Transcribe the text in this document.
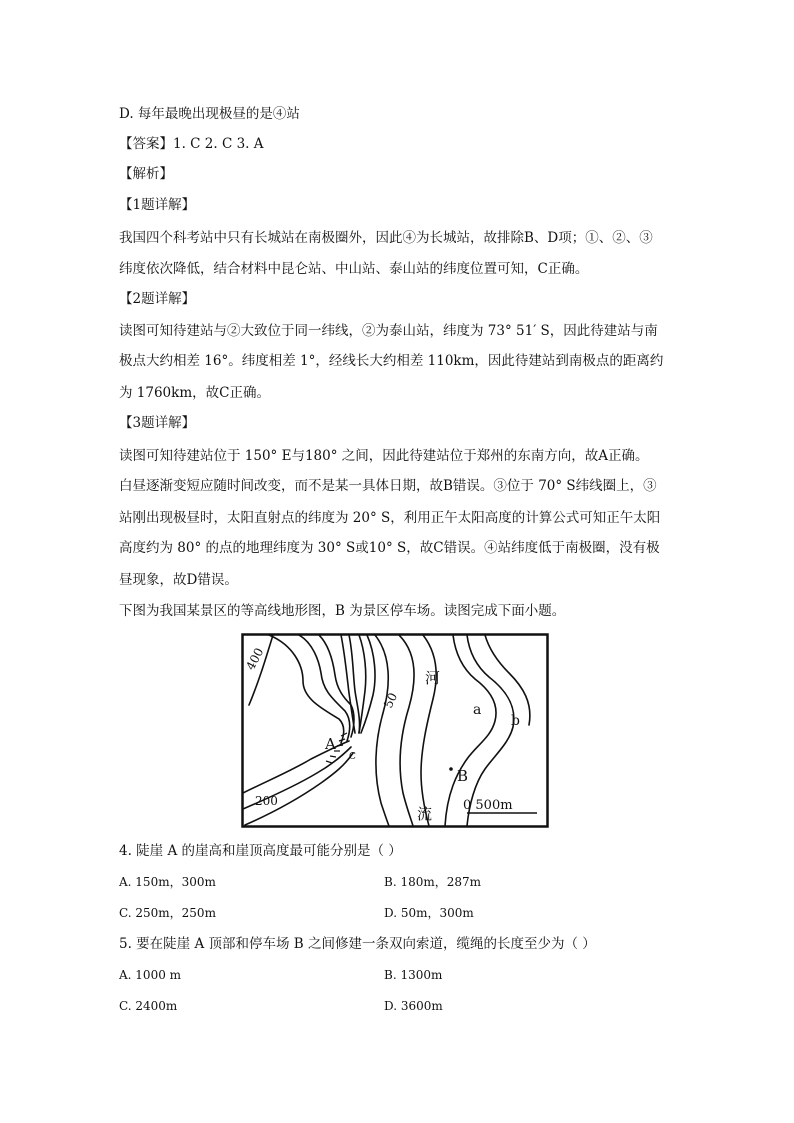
D. 每年最晚出现极昼的是④站
【答案】1. C 2. C 3. A
【解析】
【1题详解】
我国四个科考站中只有长城站在南极圈外，因此④为长城站，故排除B、D项；①、②、③
纬度依次降低，结合材料中昆仑站、中山站、泰山站的纬度位置可知，C正确。
【2题详解】
读图可知待建站与②大致位于同一纬线，②为泰山站，纬度为 73° 51′ S，因此待建站与南
极点大约相差 16°。纬度相差 1°，经线长大约相差 110km，因此待建站到南极点的距离约
为 1760km，故C正确。
【3题详解】
读图可知待建站位于 150° E与180° 之间，因此待建站位于郑州的东南方向，故A正确。
白昼逐渐变短应随时间改变，而不是某一具体日期，故B错误。③位于 70° S纬线圈上，③
站刚出现极昼时，太阳直射点的纬度为 20° S，利用正午太阳高度的计算公式可知正午太阳
高度约为 80° 的点的地理纬度为 30° S或10° S，故C错误。④站纬度低于南极圈，没有极
昼现象，故D错误。
下图为我国某景区的等高线地形图，B 为景区停车场。读图完成下面小题。
400
50
河
a
b
A
C
200
流
B
0 500m
4. 陡崖 A 的崖高和崖顶高度最可能分别是（ ）
A. 150m，300m	B. 180m，287m
C. 250m，250m	D. 50m，300m
5. 要在陡崖 A 顶部和停车场 B 之间修建一条双向索道，缆绳的长度至少为（ ）
A. 1000 m	B. 1300m
C. 2400m	D. 3600m
